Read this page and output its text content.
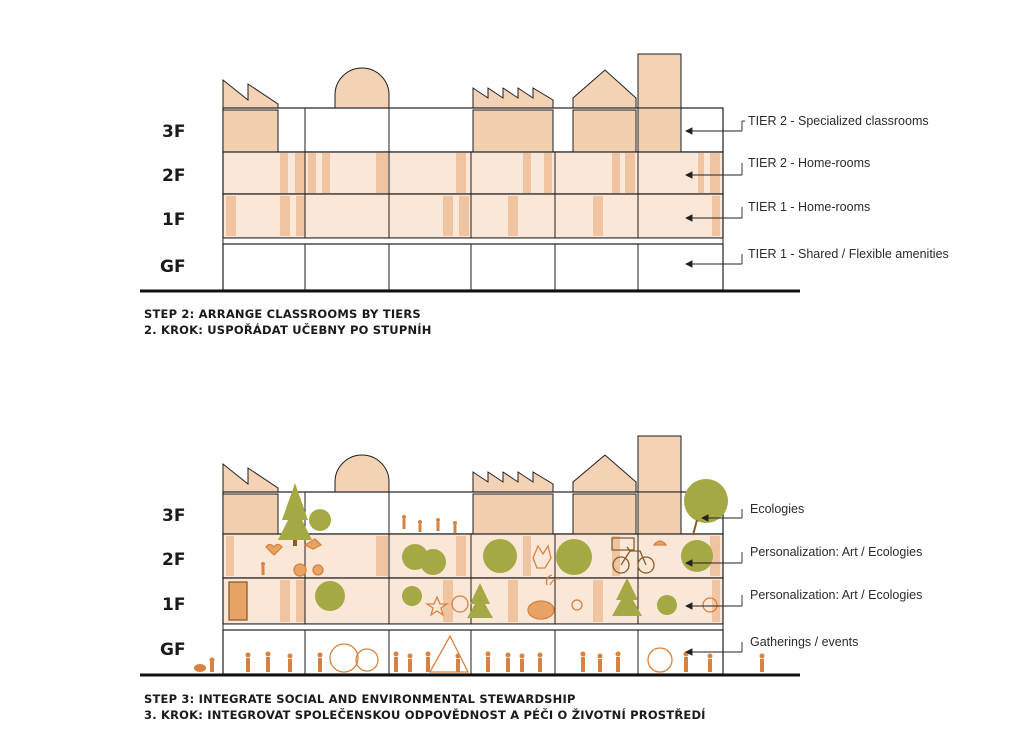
3F
2F
1F
GF
TIER 2 - Specialized classrooms
TIER 2 - Home-rooms
TIER 1 - Home-rooms
TIER 1 - Shared / Flexible amenities
STEP 2: ARRANGE CLASSROOMS BY TIERS
2. KROK: USPOŘÁDAT UČEBNY PO STUPNÍH
3F
2F
1F
GF
Ecologies
Personalization: Art / Ecologies
Personalization: Art / Ecologies
Gatherings / events
STEP 3: INTEGRATE SOCIAL AND ENVIRONMENTAL STEWARDSHIP
3. KROK: INTEGROVAT SPOLEČENSKOU ODPOVĚDNOST A PÉČI O ŽIVOTNÍ PROSTŘEDÍ
